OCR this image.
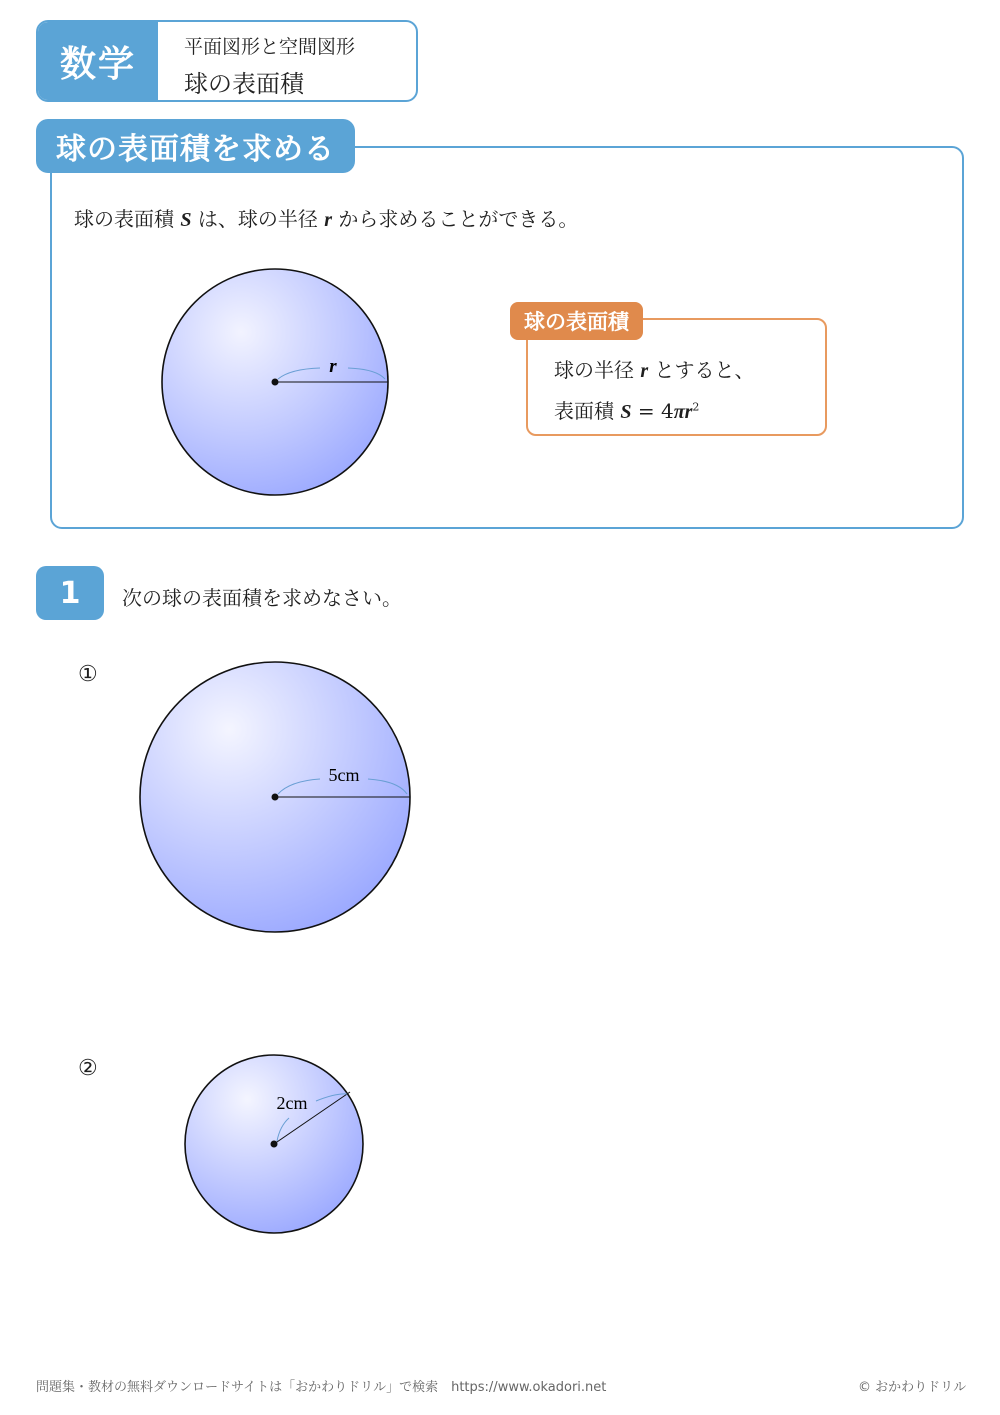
数学	平面図形と空間図形
球の表面積
球の表面積を求める
球の表面積 S は、球の半径 r から求めることができる。
r
球の表面積
球の半径 r とすると、
表面積 $S = 4\pi r^2$
1	次の球の表面積を求めなさい。
①
5cm
②
2cm
問題集・教材の無料ダウンロードサイトは「おかわりドリル」で検索　https://www.okadori.net	© おかわりドリル
